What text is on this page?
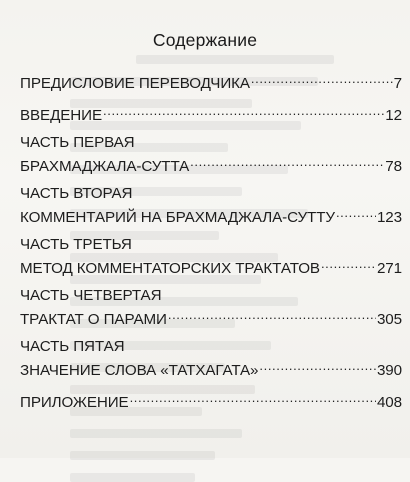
Содержание
ПРЕДИСЛОВИЕ ПЕРЕВОДЧИКА .....	7
ВВЕДЕНИЕ .....	12
ЧАСТЬ ПЕРВАЯ
БРАХМАДЖАЛА-СУТТА .....	78
ЧАСТЬ ВТОРАЯ
КОММЕНТАРИЙ НА БРАХМАДЖАЛА-СУТТУ .....	123
ЧАСТЬ ТРЕТЬЯ
МЕТОД КОММЕНТАТОРСКИХ ТРАКТАТОВ .....	271
ЧАСТЬ ЧЕТВЕРТАЯ
ТРАКТАТ О ПАРАМИ .....	305
ЧАСТЬ ПЯТАЯ
ЗНАЧЕНИЕ СЛОВА «ТАТХАГАТА» .....	390
ПРИЛОЖЕНИЕ .....	408
